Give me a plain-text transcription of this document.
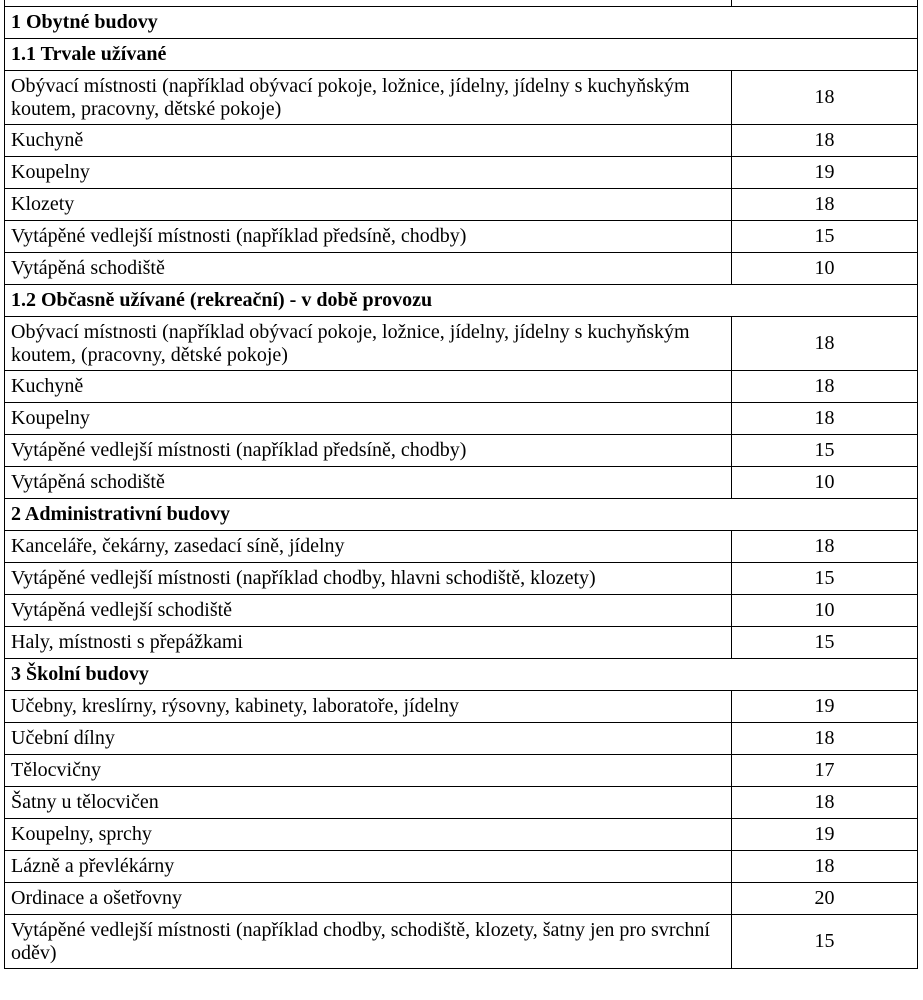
1 Obytné budovy	
1.1 Trvale užívané	
Obývací místnosti (například obývací pokoje, ložnice, jídelny, jídelny s kuchyňským koutem, pracovny, dětské pokoje)	18
Kuchyně	18
Koupelny	19
Klozety	18
Vytápěné vedlejší místnosti (například předsíně, chodby)	15
Vytápěná schodiště	10
1.2 Občasně užívané (rekreační) - v době provozu	
Obývací místnosti (například obývací pokoje, ložnice, jídelny, jídelny s kuchyňským koutem, (pracovny, dětské pokoje)	18
Kuchyně	18
Koupelny	18
Vytápěné vedlejší místnosti (například předsíně, chodby)	15
Vytápěná schodiště	10
2 Administrativní budovy	
Kanceláře, čekárny, zasedací síně, jídelny	18
Vytápěné vedlejší místnosti (například chodby, hlavni schodiště, klozety)	15
Vytápěná vedlejší schodiště	10
Haly, místnosti s přepážkami	15
3 Školní budovy	
Učebny, kreslírny, rýsovny, kabinety, laboratoře, jídelny	19
Učební dílny	18
Tělocvičny	17
Šatny u tělocvičen	18
Koupelny, sprchy	19
Lázně a převlékárny	18
Ordinace a ošetřovny	20
Vytápěné vedlejší místnosti (například chodby, schodiště, klozety, šatny jen pro svrchní oděv)	15
